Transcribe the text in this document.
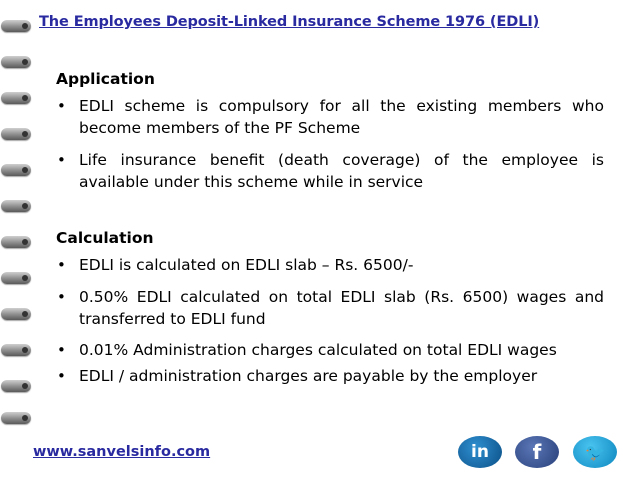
The Employees Deposit-Linked Insurance Scheme 1976 (EDLI)
Application
• EDLI scheme is compulsory for all the existing members who become members of the PF Scheme
• Life insurance benefit (death coverage) of the employee is available under this scheme while in service
Calculation
• EDLI is calculated on EDLI slab – Rs. 6500/-
• 0.50% EDLI calculated on total EDLI slab (Rs. 6500) wages and transferred to EDLI fund
• 0.01% Administration charges calculated on total EDLI wages
• EDLI / administration charges are payable by the employer
www.sanvelsinfo.com	in	f	🐦
